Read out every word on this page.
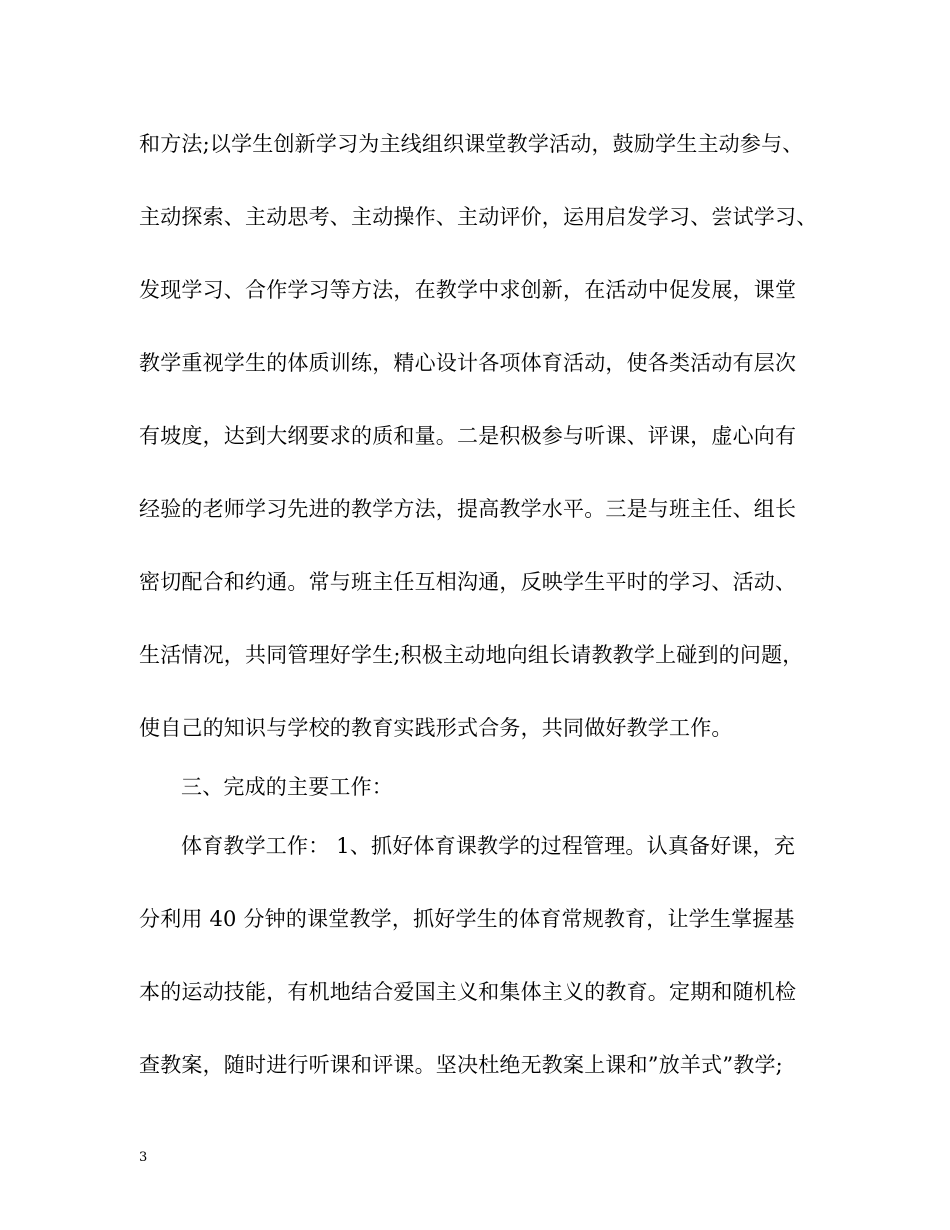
和方法;以学生创新学习为主线组织课堂教学活动，鼓励学生主动参与、
主动探索、主动思考、主动操作、主动评价，运用启发学习、尝试学习、
发现学习、合作学习等方法，在教学中求创新，在活动中促发展，课堂
教学重视学生的体质训练，精心设计各项体育活动，使各类活动有层次
有坡度，达到大纲要求的质和量。二是积极参与听课、评课，虚心向有
经验的老师学习先进的教学方法，提高教学水平。三是与班主任、组长
密切配合和约通。常与班主任互相沟通，反映学生平时的学习、活动、
生活情况，共同管理好学生;积极主动地向组长请教教学上碰到的问题，
使自己的知识与学校的教育实践形式合务，共同做好教学工作。
三、完成的主要工作：
体育教学工作： 1、抓好体育课教学的过程管理。认真备好课，充
分利用 40 分钟的课堂教学，抓好学生的体育常规教育，让学生掌握基
本的运动技能，有机地结合爱国主义和集体主义的教育。定期和随机检
查教案，随时进行听课和评课。坚决杜绝无教案上课和”放羊式”教学;
3
